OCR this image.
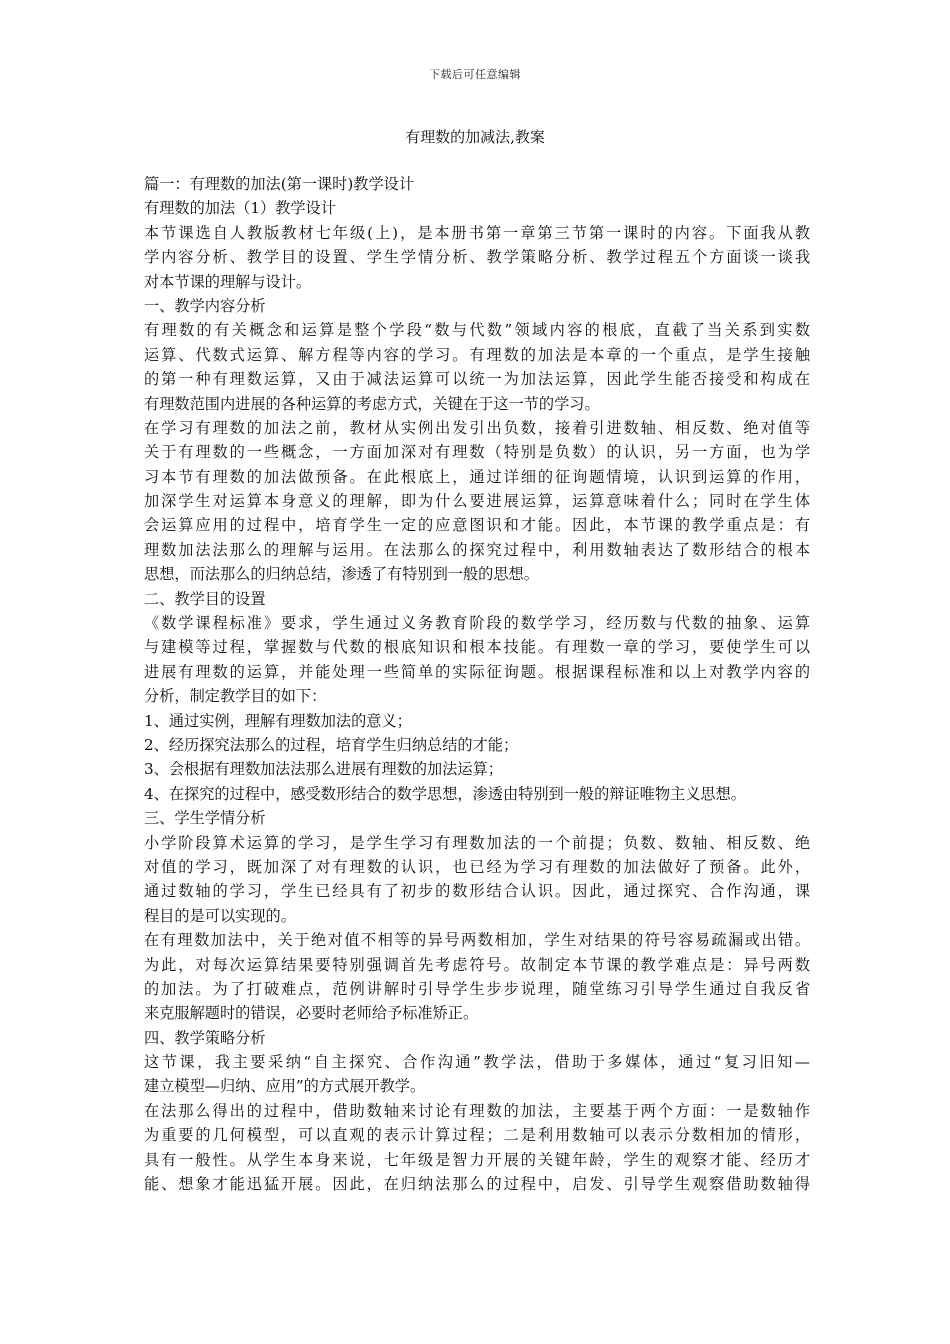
下载后可任意编辑
有理数的加减法,教案
篇一：有理数的加法(第一课时)教学设计
有理数的加法（1）教学设计
本节课选自人教版教材七年级(上)，是本册书第一章第三节第一课时的内容。下面我从教
学内容分析、教学目的设置、学生学情分析、教学策略分析、教学过程五个方面谈一谈我
对本节课的理解与设计。
一、教学内容分析
有理数的有关概念和运算是整个学段“数与代数”领域内容的根底，直截了当关系到实数
运算、代数式运算、解方程等内容的学习。有理数的加法是本章的一个重点，是学生接触
的第一种有理数运算，又由于减法运算可以统一为加法运算，因此学生能否接受和构成在
有理数范围内进展的各种运算的考虑方式，关键在于这一节的学习。
在学习有理数的加法之前，教材从实例出发引出负数，接着引进数轴、相反数、绝对值等
关于有理数的一些概念，一方面加深对有理数（特别是负数）的认识，另一方面，也为学
习本节有理数的加法做预备。在此根底上，通过详细的征询题情境，认识到运算的作用，
加深学生对运算本身意义的理解，即为什么要进展运算，运算意味着什么；同时在学生体
会运算应用的过程中，培育学生一定的应意图识和才能。因此，本节课的教学重点是：有
理数加法法那么的理解与运用。在法那么的探究过程中，利用数轴表达了数形结合的根本
思想，而法那么的归纳总结，渗透了有特别到一般的思想。
二、教学目的设置
《数学课程标准》要求，学生通过义务教育阶段的数学学习，经历数与代数的抽象、运算
与建模等过程，掌握数与代数的根底知识和根本技能。有理数一章的学习，要使学生可以
进展有理数的运算，并能处理一些简单的实际征询题。根据课程标准和以上对教学内容的
分析，制定教学目的如下：
1、通过实例，理解有理数加法的意义；
2、经历探究法那么的过程，培育学生归纳总结的才能；
3、会根据有理数加法法那么进展有理数的加法运算；
4、在探究的过程中，感受数形结合的数学思想，渗透由特别到一般的辩证唯物主义思想。
三、学生学情分析
小学阶段算术运算的学习，是学生学习有理数加法的一个前提；负数、数轴、相反数、绝
对值的学习，既加深了对有理数的认识，也已经为学习有理数的加法做好了预备。此外，
通过数轴的学习，学生已经具有了初步的数形结合认识。因此，通过探究、合作沟通，课
程目的是可以实现的。
在有理数加法中，关于绝对值不相等的异号两数相加，学生对结果的符号容易疏漏或出错。
为此，对每次运算结果要特别强调首先考虑符号。故制定本节课的教学难点是：异号两数
的加法。为了打破难点，范例讲解时引导学生步步说理，随堂练习引导学生通过自我反省
来克服解题时的错误，必要时老师给予标准矫正。
四、教学策略分析
这节课，我主要采纳“自主探究、合作沟通”教学法，借助于多媒体，通过“复习旧知—
建立模型—归纳、应用”的方式展开教学。
在法那么得出的过程中，借助数轴来讨论有理数的加法，主要基于两个方面：一是数轴作
为重要的几何模型，可以直观的表示计算过程；二是利用数轴可以表示分数相加的情形，
具有一般性。从学生本身来说，七年级是智力开展的关键年龄，学生的观察才能、经历才
能、想象才能迅猛开展。因此，在归纳法那么的过程中，启发、引导学生观察借助数轴得
